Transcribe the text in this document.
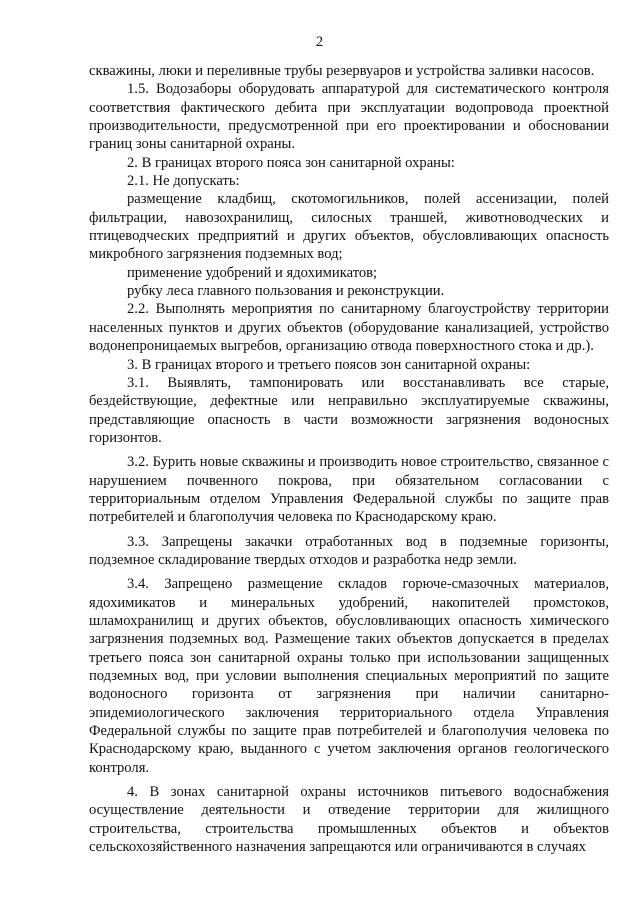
2

скважины, люки и переливные трубы резервуаров и устройства заливки насосов.

1.5. Водозаборы оборудовать аппаратурой для систематического контроля соответствия фактического дебита при эксплуатации водопровода проектной производительности, предусмотренной при его проектировании и обосновании границ зоны санитарной охраны.

2. В границах второго пояса зон санитарной охраны:

2.1. Не допускать:

размещение кладбищ, скотомогильников, полей ассенизации, полей фильтрации, навозохранилищ, силосных траншей, животноводческих и птицеводческих предприятий и других объектов, обусловливающих опасность микробного загрязнения подземных вод;

применение удобрений и ядохимикатов;

рубку леса главного пользования и реконструкции.

2.2. Выполнять мероприятия по санитарному благоустройству территории населенных пунктов и других объектов (оборудование канализацией, устройство водонепроницаемых выгребов, организацию отвода поверхностного стока и др.).

3. В границах второго и третьего поясов зон санитарной охраны:

3.1. Выявлять, тампонировать или восстанавливать все старые, бездействующие, дефектные или неправильно эксплуатируемые скважины, представляющие опасность в части возможности загрязнения водоносных горизонтов.

3.2. Бурить новые скважины и производить новое строительство, связанное с нарушением почвенного покрова, при обязательном согласовании с территориальным отделом Управления Федеральной службы по защите прав потребителей и благополучия человека по Краснодарскому краю.

3.3. Запрещены закачки отработанных вод в подземные горизонты, подземное складирование твердых отходов и разработка недр земли.

3.4. Запрещено размещение складов горюче-смазочных материалов, ядохимикатов и минеральных удобрений, накопителей промстоков, шламохранилищ и других объектов, обусловливающих опасность химического загрязнения подземных вод. Размещение таких объектов допускается в пределах третьего пояса зон санитарной охраны только при использовании защищенных подземных вод, при условии выполнения специальных мероприятий по защите водоносного горизонта от загрязнения при наличии санитарно-эпидемиологического заключения территориального отдела Управления Федеральной службы по защите прав потребителей и благополучия человека по Краснодарскому краю, выданного с учетом заключения органов геологического контроля.

4. В зонах санитарной охраны источников питьевого водоснабжения осуществление деятельности и отведение территории для жилищного строительства, строительства промышленных объектов и объектов сельскохозяйственного назначения запрещаются или ограничиваются в случаях
